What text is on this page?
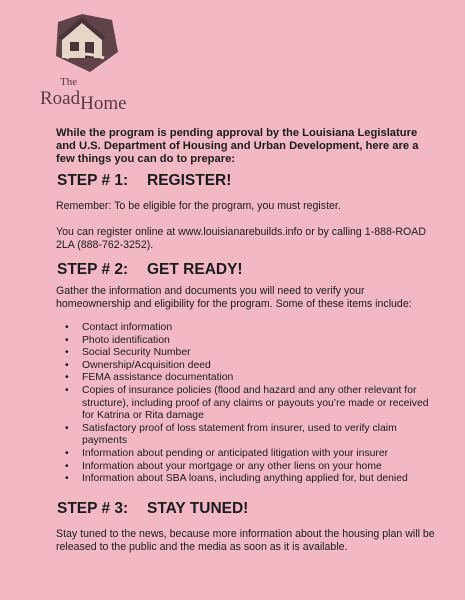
The
RoadHome

While the program is pending approval by the Louisiana Legislature and U.S. Department of Housing and Urban Development, here are a few things you can do to prepare:

STEP # 1: REGISTER!

Remember: To be eligible for the program, you must register.

You can register online at www.louisianarebuilds.info or by calling 1-888-ROAD 2LA (888-762-3252).

STEP # 2: GET READY!

Gather the information and documents you will need to verify your homeownership and eligibility for the program. Some of these items include:

• Contact information
• Photo identification
• Social Security Number
• Ownership/Acquisition deed
• FEMA assistance documentation
• Copies of insurance policies (flood and hazard and any other relevant for structure), including proof of any claims or payouts you’re made or received for Katrina or Rita damage
• Satisfactory proof of loss statement from insurer, used to verify claim payments
• Information about pending or anticipated litigation with your insurer
• Information about your mortgage or any other liens on your home
• Information about SBA loans, including anything applied for, but denied
STEP # 3: STAY TUNED!

Stay tuned to the news, because more information about the housing plan will be released to the public and the media as soon as it is available.
